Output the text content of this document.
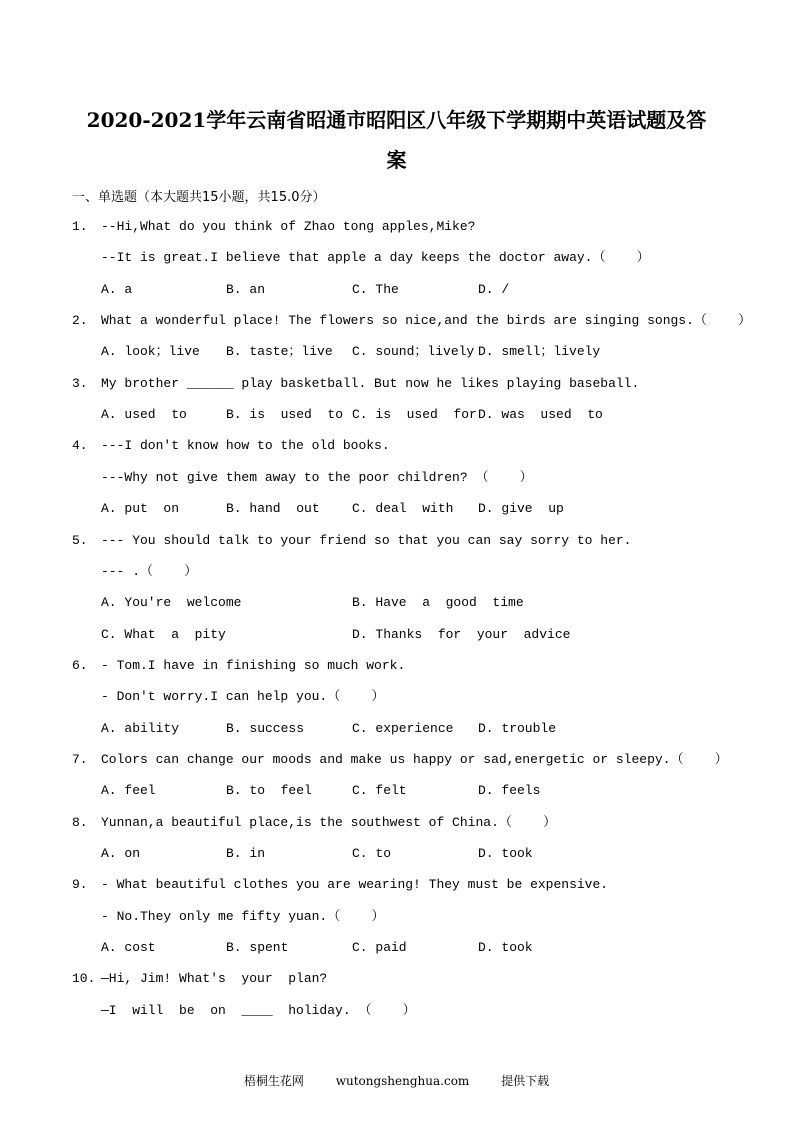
2020-2021学年云南省昭通市昭阳区八年级下学期期中英语试题及答
案
一、单选题（本大题共15小题，共15.0分）
1. --Hi,What do you think of Zhao tong apples,Mike?
--It is great.I believe that apple a day keeps the doctor away.（    ）
A. a	B. an	C. The	D. /
2. What a wonderful place! The flowers so nice,and the birds are singing songs.（    ）
A. look；live B. taste；live C. sound；lively D. smell；lively
3. My brother ______ play basketball. But now he likes playing baseball.
A. used  to	B. is  used  to C. is  used  for D. was  used  to
4. ---I don't know how to the old books.
---Why not give them away to the poor children? （    ）
A. put  on	B. hand  out C. deal  with D. give  up
5. --- You should talk to your friend so that you can say sorry to her.
--- .（    ）
A. You're  welcome	B. Have  a  good  time
C. What  a  pity	D. Thanks  for  your  advice
6. - Tom.I have in finishing so much work.
- Don't worry.I can help you.（    ）
A. ability	B. success	C. experience D. trouble
7. Colors can change our moods and make us happy or sad,energetic or sleepy.（    ）
A. feel	B. to  feel	C. felt	D. feels
8. Yunnan,a beautiful place,is the southwest of China.（    ）
A. on	B. in	C. to	D. took
9. - What beautiful clothes you are wearing! They must be expensive.
- No.They only me fifty yuan.（    ）
A. cost	B. spent	C. paid	D. took
10. —Hi, Jim! What's  your  plan?
—I  will  be  on  ____  holiday. （    ）
梧桐生花网	wutongshenghua.com	提供下载
